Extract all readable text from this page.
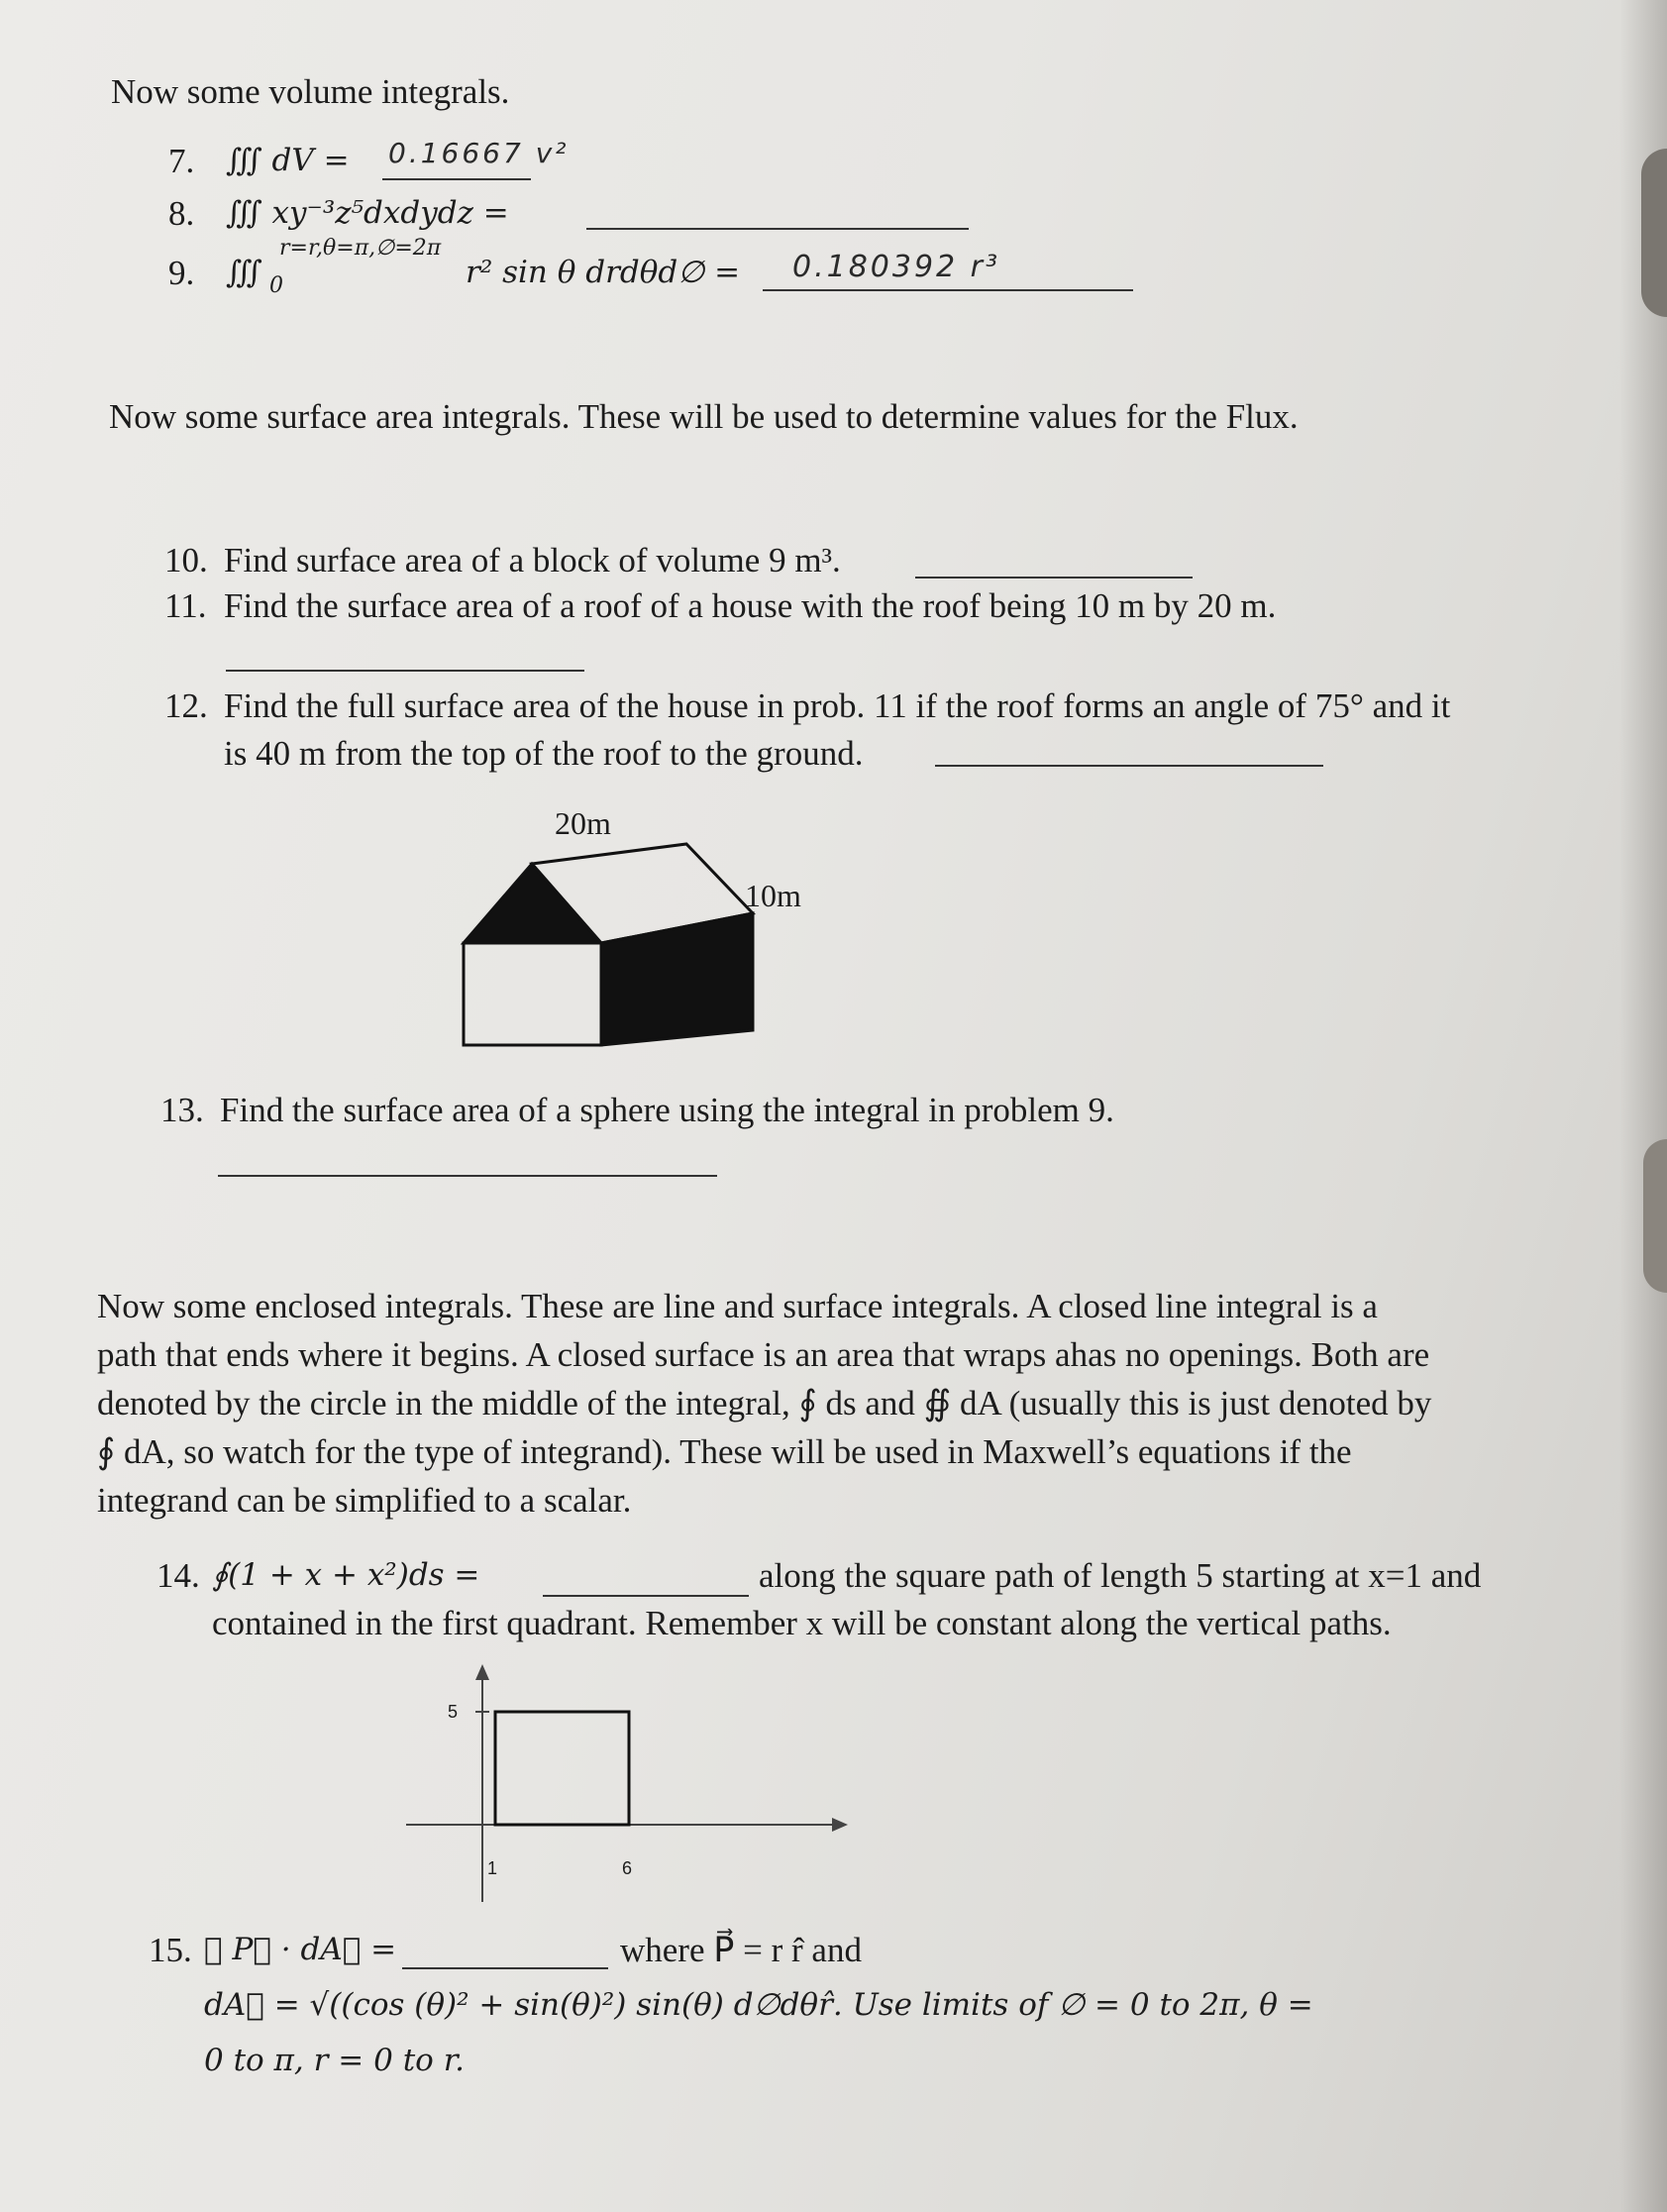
Now some volume integrals.
7. ∭ dV = 0.16667 v²
8. ∭ xy⁻³z⁵dxdydz =
9. ∭ 0
r=r,θ=π,∅=2π
r² sin θ drdθd∅ = 0.180392 r³
Now some surface area integrals. These will be used to determine values for the Flux.
10. Find surface area of a block of volume 9 m³.
11. Find the surface area of a roof of a house with the roof being 10 m by 20 m.
12. Find the full surface area of the house in prob. 11 if the roof forms an angle of 75° and it
is 40 m from the top of the roof to the ground.
20m
10m
13. Find the surface area of a sphere using the integral in problem 9.
Now some enclosed integrals. These are line and surface integrals. A closed line integral is a
path that ends where it begins. A closed surface is an area that wraps ahas no openings. Both are
denoted by the circle in the middle of the integral, ∮ ds and ∯ dA (usually this is just denoted by
∮ dA, so watch for the type of integrand). These will be used in Maxwell’s equations if the
integrand can be simplified to a scalar.
14. ∮(1 + x + x²)ds =	along the square path of length 5 starting at x=1 and
contained in the first quadrant. Remember x will be constant along the vertical paths.
5
1	6
15. ∯ P⃗ · dA⃗ =	where P⃗ = r r̂ and
dA⃗ = √((cos (θ)² + sin(θ)²) sin(θ) d∅dθr̂. Use limits of ∅ = 0 to 2π, θ =
0 to π, r = 0 to r.
